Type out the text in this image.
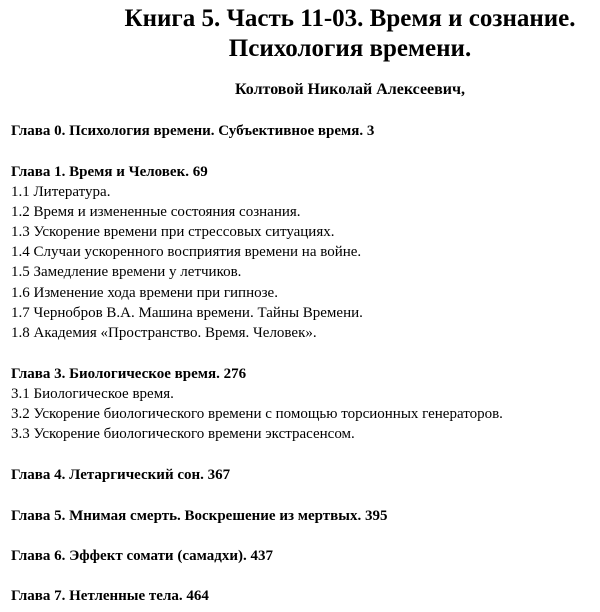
Книга 5. Часть 11-03. Время и сознание.
Психология времени.
Колтовой Николай Алексеевич,
Глава 0. Психология времени. Субъективное время. 3
Глава 1. Время и Человек. 69
1.1 Литература.
1.2 Время и измененные состояния сознания.
1.3 Ускорение времени при стрессовых ситуациях.
1.4 Случаи ускоренного восприятия времени на войне.
1.5 Замедление времени у летчиков.
1.6 Изменение хода времени при гипнозе.
1.7 Чернобров В.А. Машина времени. Тайны Времени.
1.8 Академия «Пространство. Время. Человек».
Глава 3. Биологическое время. 276
3.1 Биологическое время.
3.2 Ускорение биологического времени с помощью торсионных генераторов.
3.3 Ускорение биологического времени экстрасенсом.
Глава 4. Летаргический сон. 367
Глава 5. Мнимая смерть. Воскрешение из мертвых. 395
Глава 6. Эффект сомати (самадхи). 437
Глава 7. Нетленные тела. 464
